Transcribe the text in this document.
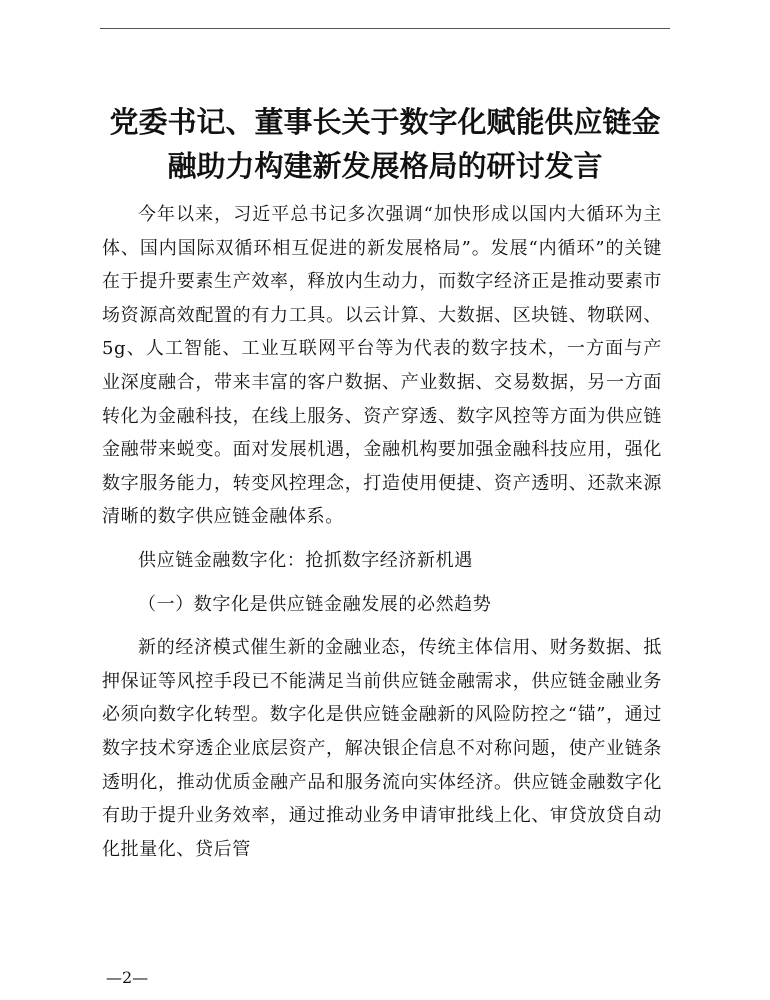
党委书记、董事长关于数字化赋能供应链金
融助力构建新发展格局的研讨发言

今年以来，习近平总书记多次强调“加快形成以国内大循环为主体、国内国际双循环相互促进的新发展格局”。发展“内循环”的关键在于提升要素生产效率，释放内生动力，而数字经济正是推动要素市场资源高效配置的有力工具。以云计算、大数据、区块链、物联网、5g、人工智能、工业互联网平台等为代表的数字技术，一方面与产业深度融合，带来丰富的客户数据、产业数据、交易数据，另一方面转化为金融科技，在线上服务、资产穿透、数字风控等方面为供应链金融带来蜕变。面对发展机遇，金融机构要加强金融科技应用，强化数字服务能力，转变风控理念，打造使用便捷、资产透明、还款来源清晰的数字供应链金融体系。

供应链金融数字化：抢抓数字经济新机遇

（一）数字化是供应链金融发展的必然趋势

新的经济模式催生新的金融业态，传统主体信用、财务数据、抵押保证等风控手段已不能满足当前供应链金融需求，供应链金融业务必须向数字化转型。数字化是供应链金融新的风险防控之“锚”，通过数字技术穿透企业底层资产，解决银企信息不对称问题，使产业链条透明化，推动优质金融产品和服务流向实体经济。供应链金融数字化有助于提升业务效率，通过推动业务申请审批线上化、审贷放贷自动化批量化、贷后管

—2—
